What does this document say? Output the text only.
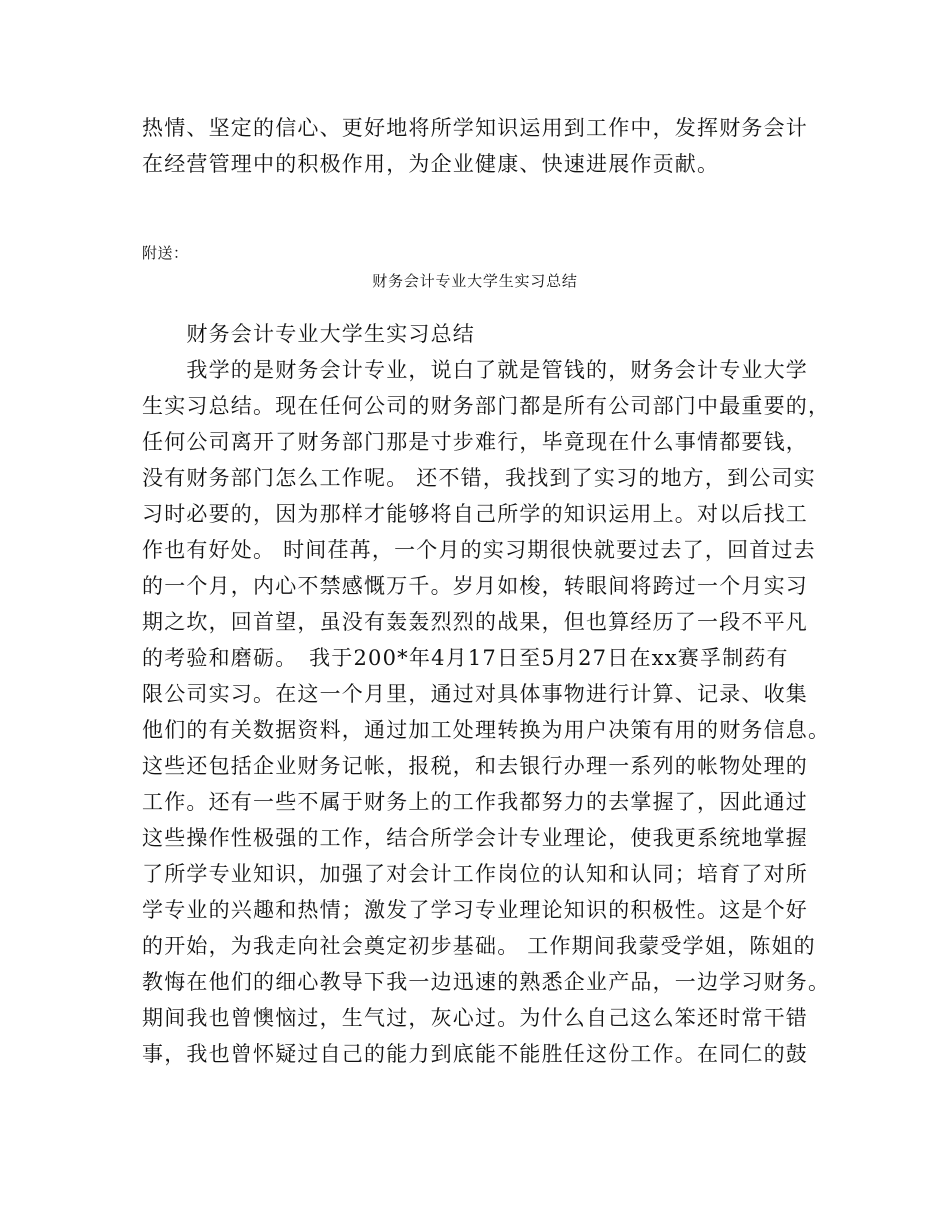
热情、坚定的信心、更好地将所学知识运用到工作中，发挥财务会计
在经营管理中的积极作用，为企业健康、快速进展作贡献。
附送：
财务会计专业大学生实习总结
　　财务会计专业大学生实习总结
　　我学的是财务会计专业，说白了就是管钱的，财务会计专业大学
生实习总结。现在任何公司的财务部门都是所有公司部门中最重要的，
任何公司离开了财务部门那是寸步难行，毕竟现在什么事情都要钱，
没有财务部门怎么工作呢。 还不错，我找到了实习的地方，到公司实
习时必要的，因为那样才能够将自己所学的知识运用上。对以后找工
作也有好处。 时间荏苒，一个月的实习期很快就要过去了，回首过去
的一个月，内心不禁感慨万千。岁月如梭，转眼间将跨过一个月实习
期之坎，回首望，虽没有轰轰烈烈的战果，但也算经历了一段不平凡
的考验和磨砺。　我于200*年4月17日至5月27日在xx赛孚制药有
限公司实习。在这一个月里，通过对具体事物进行计算、记录、收集
他们的有关数据资料，通过加工处理转换为用户决策有用的财务信息。
这些还包括企业财务记帐，报税，和去银行办理一系列的帐物处理的
工作。还有一些不属于财务上的工作我都努力的去掌握了，因此通过
这些操作性极强的工作，结合所学会计专业理论，使我更系统地掌握
了所学专业知识，加强了对会计工作岗位的认知和认同；培育了对所
学专业的兴趣和热情；激发了学习专业理论知识的积极性。这是个好
的开始，为我走向社会奠定初步基础。 工作期间我蒙受学姐，陈姐的
教悔在他们的细心教导下我一边迅速的熟悉企业产品，一边学习财务。
期间我也曾懊恼过，生气过，灰心过。为什么自己这么笨还时常干错
事，我也曾怀疑过自己的能力到底能不能胜任这份工作。在同仁的鼓
